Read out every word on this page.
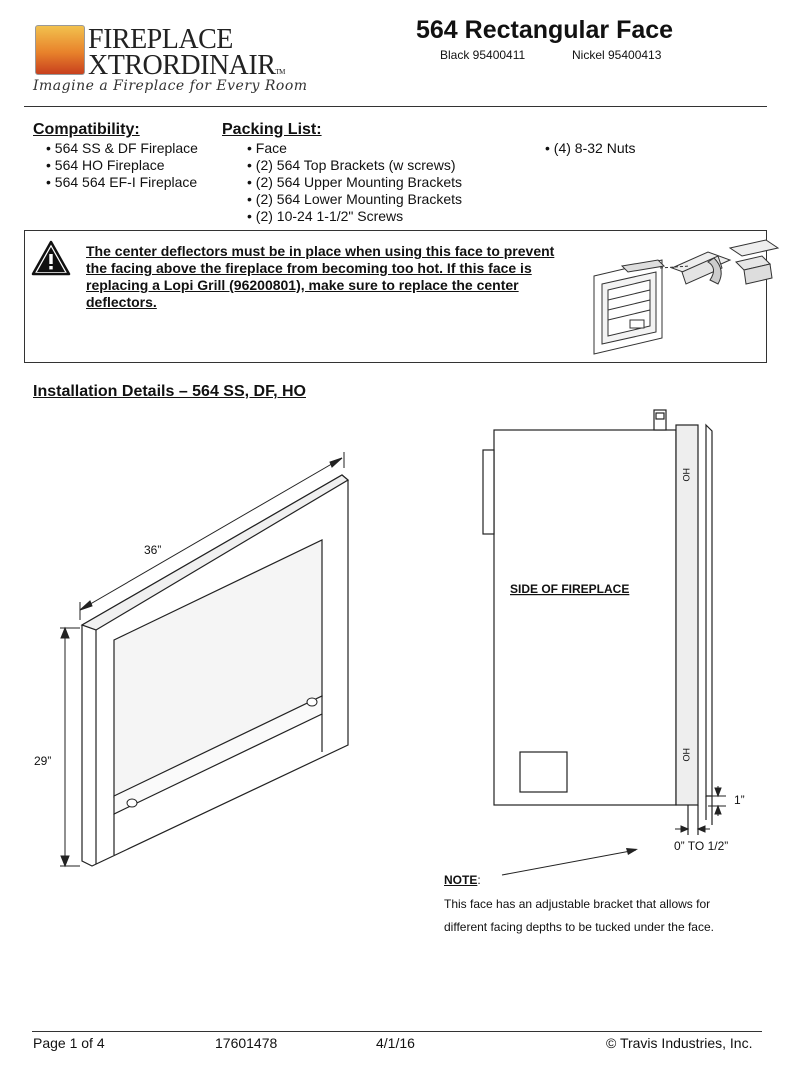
FIREPLACE
XTRORDINAIRTM
Imagine a Fireplace for Every Room
564 Rectangular Face
Black 95400411	Nickel 95400413
Compatibility:
• 564 SS & DF Fireplace
• 564 HO Fireplace
• 564 564 EF-I Fireplace
Packing List:
• Face
• (2) 564 Top Brackets (w screws)
• (2) 564 Upper Mounting Brackets
• (2) 564 Lower Mounting Brackets
• (2) 10-24 1-1/2" Screws
• (4) 8-32 Nuts
The center deflectors must be in place when using this face to prevent the facing above the fireplace from becoming too hot. If this face is replacing a Lopi Grill (96200801), make sure to replace the center deflectors.
Installation Details – 564 SS, DF, HO
36”
29”
HO
HO
SIDE OF FIREPLACE
1”
0” TO 1/2”
NOTE:
This face has an adjustable bracket that allows for different facing depths to be tucked under the face.
Page 1 of 4	17601478	4/1/16	© Travis Industries, Inc.
